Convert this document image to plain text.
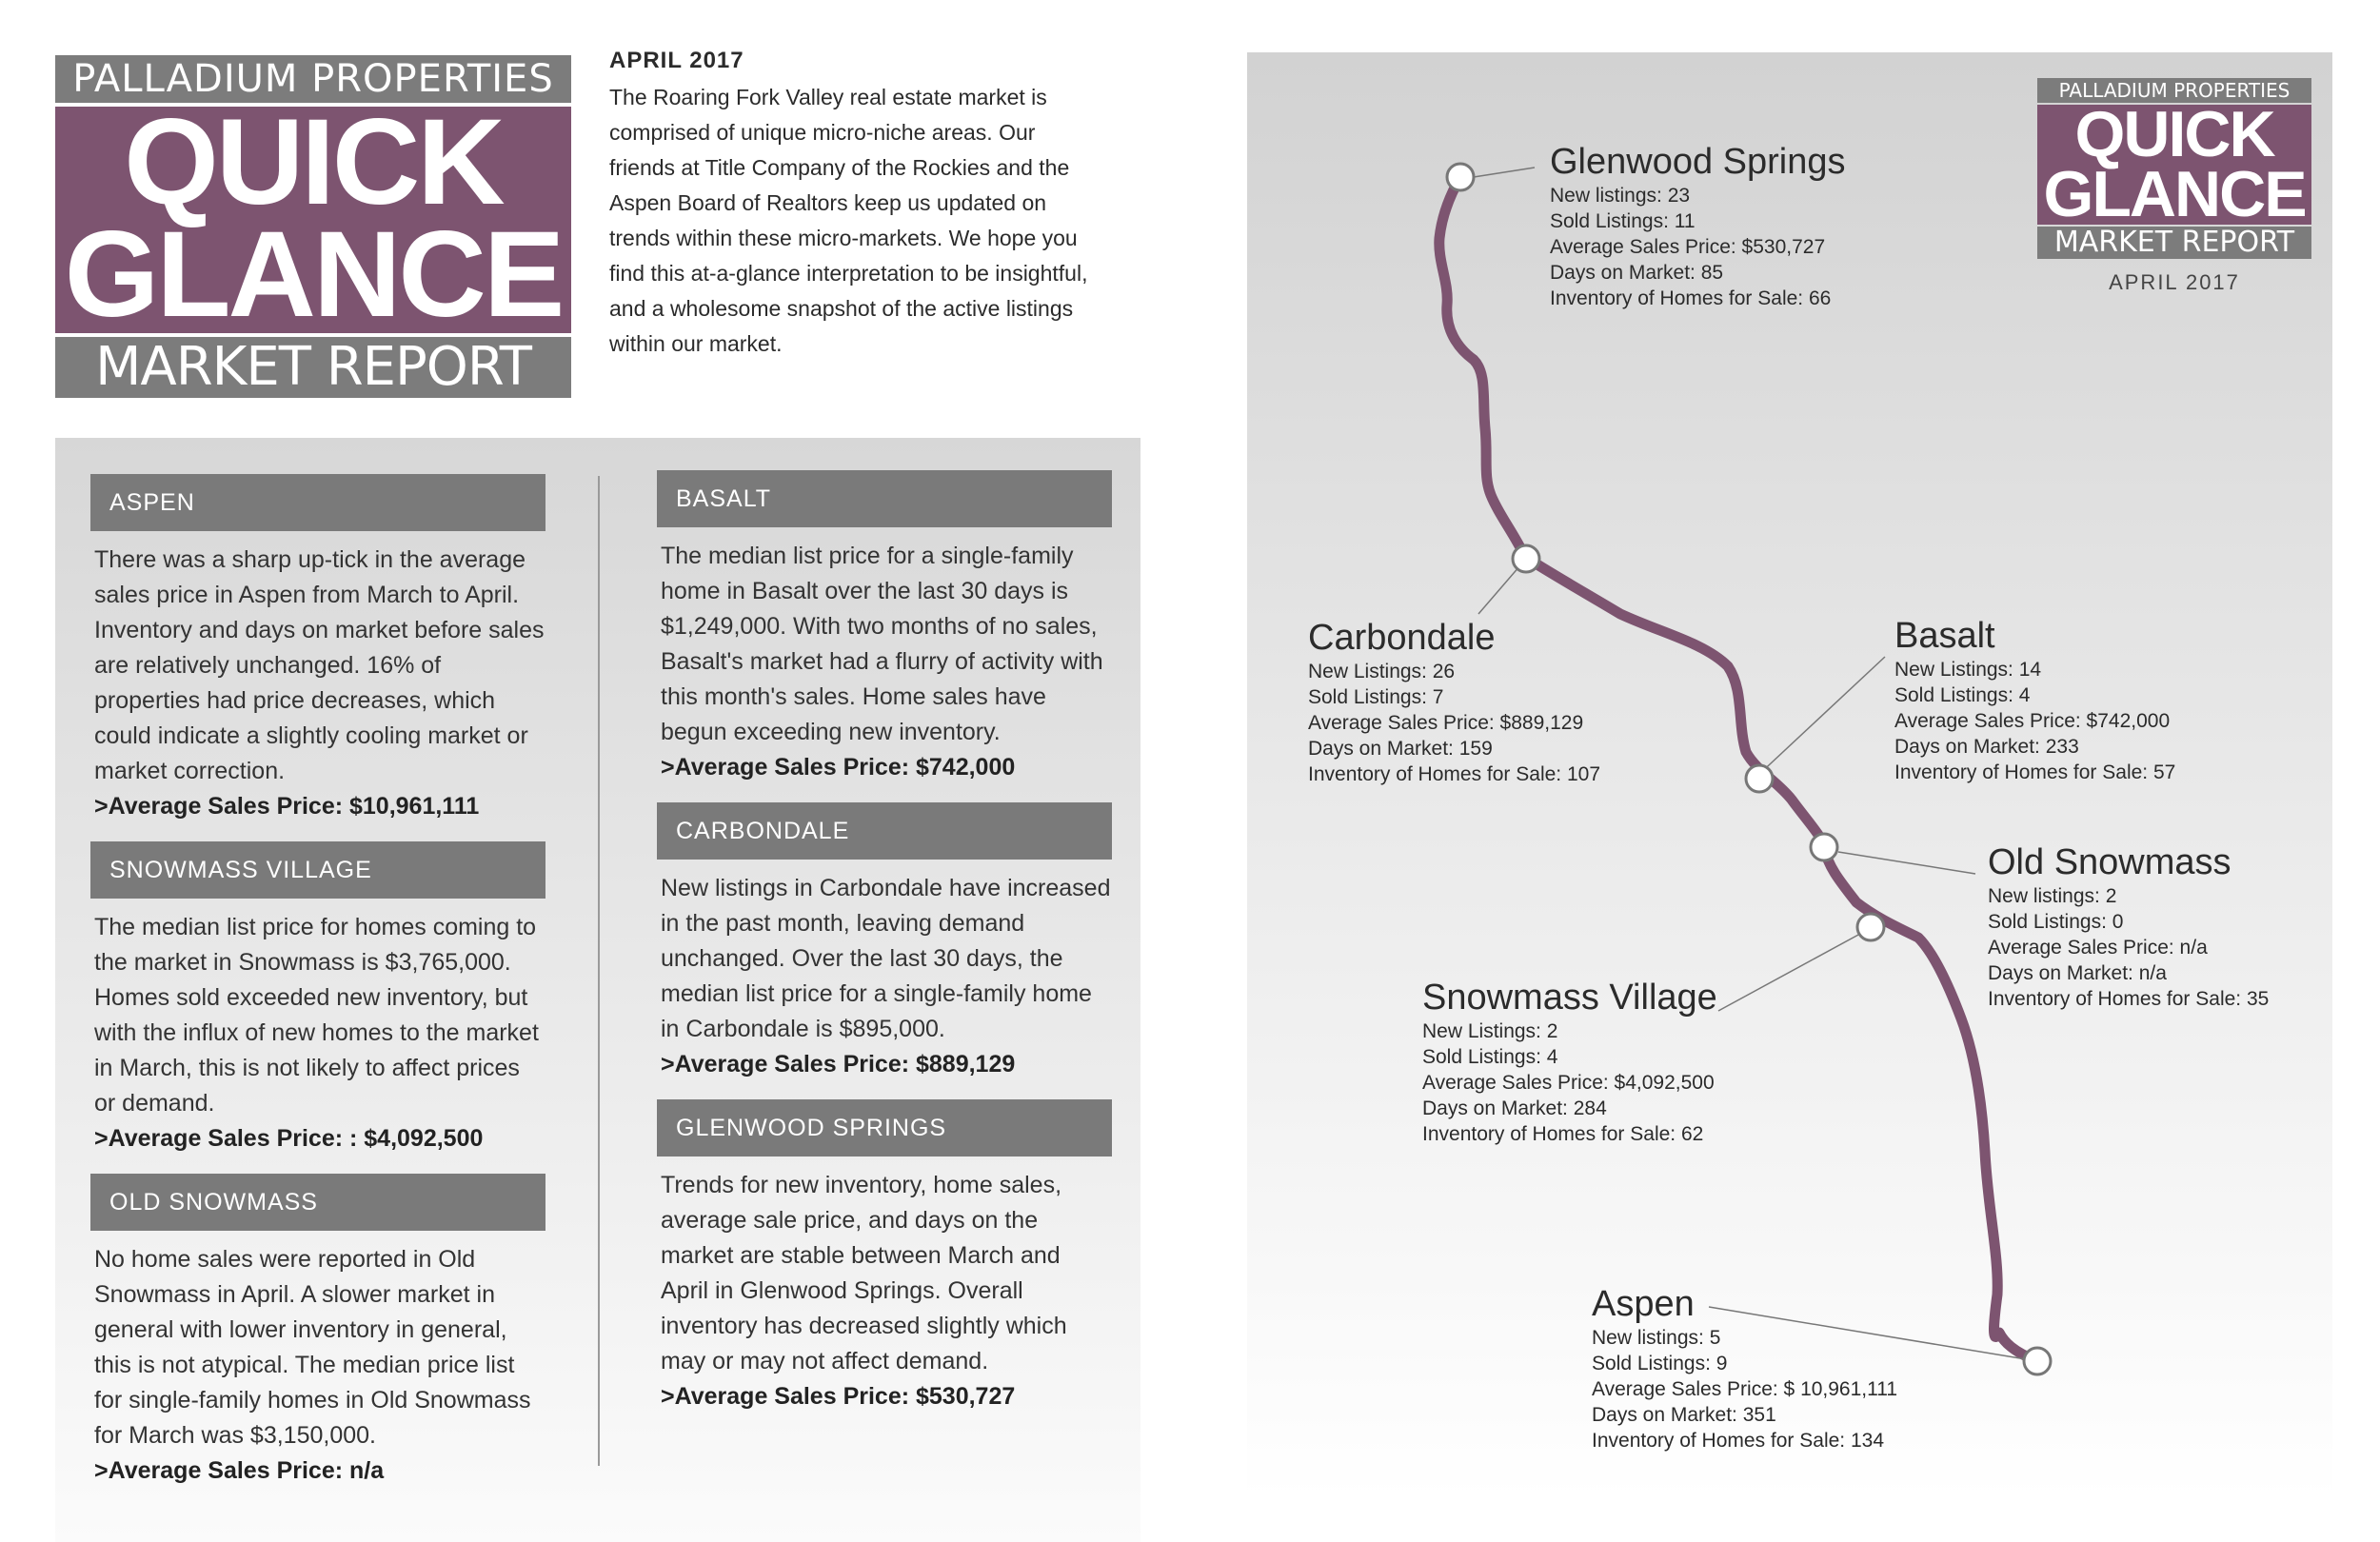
PALLADIUM PROPERTIES
QUICK
GLANCE
MARKET REPORT
APRIL 2017
The Roaring Fork Valley real estate market is comprised of unique micro-niche areas. Our friends at Title Company of the Rockies and the Aspen Board of Realtors keep us updated on trends within these micro-markets. We hope you find this at-a-glance interpretation to be insightful, and a wholesome snapshot of the active listings within our market.
ASPEN
There was a sharp up-tick in the average sales price in Aspen from March to April. Inventory and days on market before sales are relatively unchanged. 16% of properties had price decreases, which could indicate a slightly cooling market or market correction.
>Average Sales Price: $10,961,111
SNOWMASS VILLAGE
The median list price for homes coming to the market in Snowmass is $3,765,000. Homes sold exceeded new inventory, but with the influx of new homes to the market in March, this is not likely to affect prices or demand.
>Average Sales Price: : $4,092,500
OLD SNOWMASS
No home sales were reported in Old Snowmass in April. A slower market in general with lower inventory in general, this is not atypical. The median price list for single-family homes in Old Snowmass for March was $3,150,000.
>Average Sales Price: n/a
BASALT
The median list price for a single-family home in Basalt over the last 30 days is $1,249,000. With two months of no sales, Basalt's market had a flurry of activity with this month's sales. Home sales have begun exceeding new inventory.
>Average Sales Price: $742,000
CARBONDALE
New listings in Carbondale have increased in the past month, leaving demand unchanged. Over the last 30 days, the median list price for a single-family home in Carbondale is $895,000.
>Average Sales Price: $889,129
GLENWOOD SPRINGS
Trends for new inventory, home sales, average sale price, and days on the market are stable between March and April in Glenwood Springs. Overall inventory has decreased slightly which may or may not affect demand.
>Average Sales Price: $530,727
PALLADIUM PROPERTIES
QUICK
GLANCE
MARKET REPORT
APRIL 2017
Glenwood Springs
New listings: 23
Sold Listings: 11
Average Sales Price: $530,727
Days on Market: 85
Inventory of Homes for Sale: 66
Carbondale
New Listings: 26
Sold Listings: 7
Average Sales Price: $889,129
Days on Market: 159
Inventory of Homes for Sale: 107
Basalt
New Listings: 14
Sold Listings: 4
Average Sales Price: $742,000
Days on Market: 233
Inventory of Homes for Sale: 57
Old Snowmass
New listings: 2
Sold Listings: 0
Average Sales Price: n/a
Days on Market: n/a
Inventory of Homes for Sale: 35
Snowmass Village
New Listings: 2
Sold Listings: 4
Average Sales Price: $4,092,500
Days on Market: 284
Inventory of Homes for Sale: 62
Aspen
New listings: 5
Sold Listings: 9
Average Sales Price: $ 10,961,111
Days on Market: 351
Inventory of Homes for Sale: 134
